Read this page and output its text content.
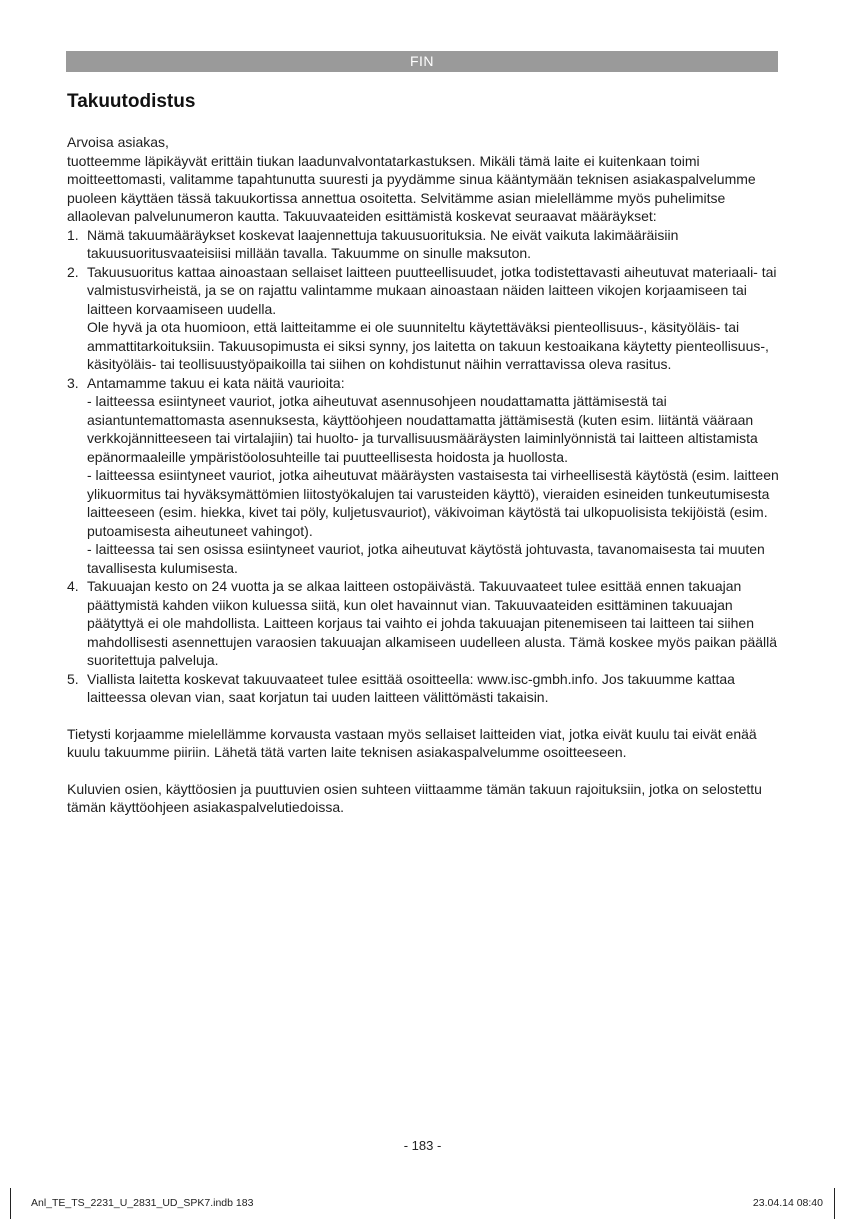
FIN
Takuutodistus

Arvoisa asiakas,

tuotteemme läpikäyvät erittäin tiukan laadunvalvontatarkastuksen. Mikäli tämä laite ei kuitenkaan toimi moitteettomasti, valitamme tapahtunutta suuresti ja pyydämme sinua kääntymään teknisen asiakaspalvelumme puoleen käyttäen tässä takuukortissa annettua osoitetta. Selvitämme asian mielellämme myös puhelimitse allaolevan palvelunumeron kautta. Takuuvaateiden esittämistä koskevat seuraavat määräykset:

1. Nämä takuumääräykset koskevat laajennettuja takuusuorituksia. Ne eivät vaikuta lakimääräisiin takuusuoritusvaateisiisi millään tavalla. Takuumme on sinulle maksuton.

2. Takuusuoritus kattaa ainoastaan sellaiset laitteen puutteellisuudet, jotka todistettavasti aiheutuvat materiaali- tai valmistusvirheistä, ja se on rajattu valintamme mukaan ainoastaan näiden laitteen vikojen korjaamiseen tai laitteen korvaamiseen uudella.

Ole hyvä ja ota huomioon, että laitteitamme ei ole suunniteltu käytettäväksi pienteollisuus-, käsityöläis- tai ammattitarkoituksiin. Takuusopimusta ei siksi synny, jos laitetta on takuun kestoaikana käytetty pienteollisuus-, käsityöläis- tai teollisuustyöpaikoilla tai siihen on kohdistunut näihin verrattavissa oleva rasitus.

3. Antamamme takuu ei kata näitä vaurioita:

- laitteessa esiintyneet vauriot, jotka aiheutuvat asennusohjeen noudattamatta jättämisestä tai asiantuntemattomasta asennuksesta, käyttöohjeen noudattamatta jättämisestä (kuten esim. liitäntä vääraan verkkojännitteeseen tai virtalajiin) tai huolto- ja turvallisuusmääräysten laiminlyönnistä tai laitteen altistamista epänormaaleille ympäristöolosuhteille tai puutteellisesta hoidosta ja huollosta.
- laitteessa esiintyneet vauriot, jotka aiheutuvat määräysten vastaisesta tai virheellisestä käytöstä (esim. laitteen ylikuormitus tai hyväksymättömien liitostyökalujen tai varusteiden käyttö), vieraiden esineiden tunkeutumisesta laitteeseen (esim. hiekka, kivet tai pöly, kuljetusvauriot), väkivoiman käytöstä tai ulkopuolisista tekijöistä (esim. putoamisesta aiheutuneet vahingot).
- laitteessa tai sen osissa esiintyneet vauriot, jotka aiheutuvat käytöstä johtuvasta, tavanomaisesta tai muuten tavallisesta kulumisesta.
4. Takuuajan kesto on 24 vuotta ja se alkaa laitteen ostopäivästä. Takuuvaateet tulee esittää ennen takuajan päättymistä kahden viikon kuluessa siitä, kun olet havainnut vian. Takuuvaateiden esittäminen takuuajan päätyttyä ei ole mahdollista. Laitteen korjaus tai vaihto ei johda takuuajan pitenemiseen tai laitteen tai siihen mahdollisesti asennettujen varaosien takuuajan alkamiseen uudelleen alusta. Tämä koskee myös paikan päällä suoritettuja palveluja.

5. Viallista laitetta koskevat takuuvaateet tulee esittää osoitteella: www.isc-gmbh.info. Jos takuumme kattaa laitteessa olevan vian, saat korjatun tai uuden laitteen välittömästi takaisin.

Tietysti korjaamme mielellämme korvausta vastaan myös sellaiset laitteiden viat, jotka eivät kuulu tai eivät enää kuulu takuumme piiriin. Lähetä tätä varten laite teknisen asiakaspalvelumme osoitteeseen.

Kuluvien osien, käyttöosien ja puuttuvien osien suhteen viittaamme tämän takuun rajoituksiin, jotka on selostettu tämän käyttöohjeen asiakaspalvelutiedoissa.

- 183 -
Anl_TE_TS_2231_U_2831_UD_SPK7.indb 183	23.04.14 08:40
